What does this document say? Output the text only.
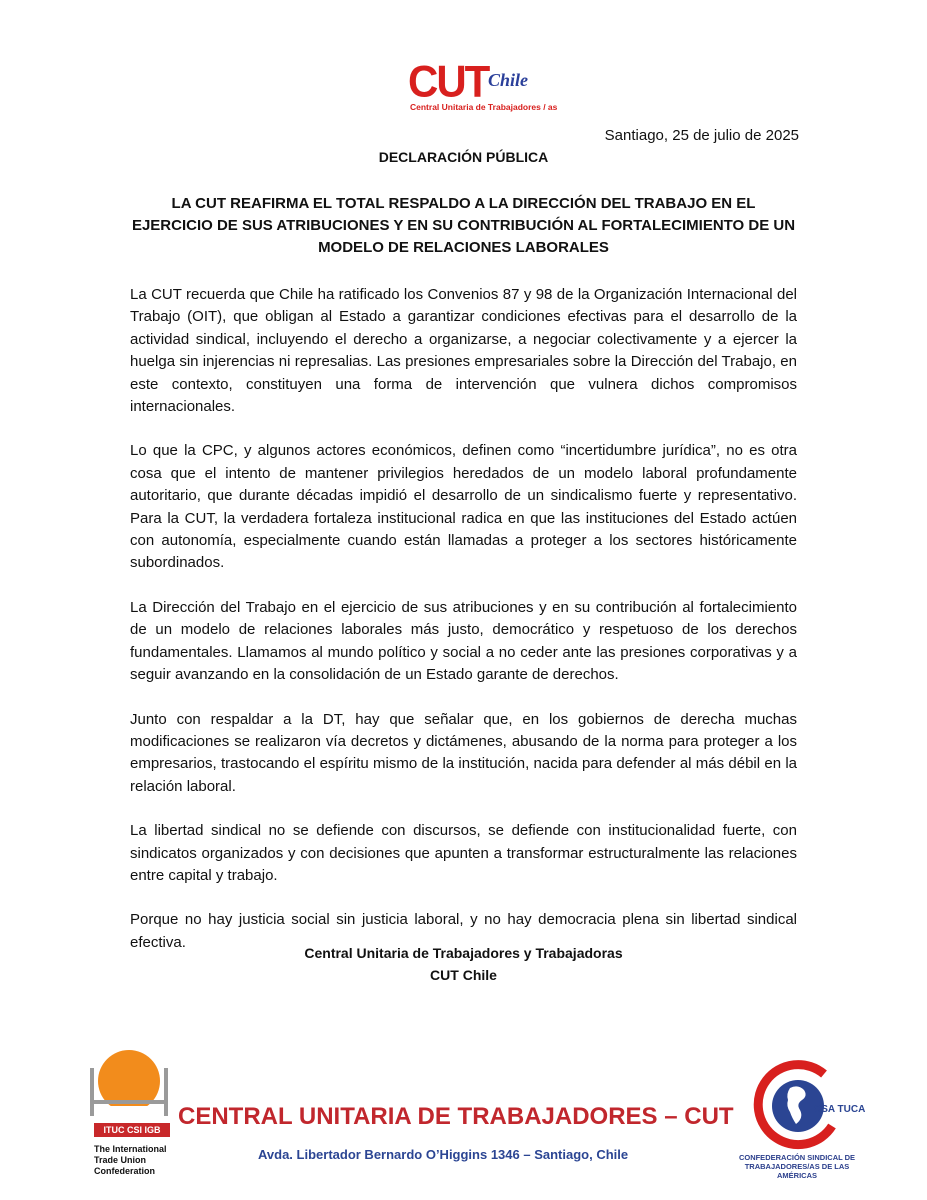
CUT Chile
Central Unitaria de Trabajadores / as
Santiago, 25 de julio de 2025
DECLARACIÓN PÚBLICA
LA CUT REAFIRMA EL TOTAL RESPALDO A LA DIRECCIÓN DEL TRABAJO EN EL EJERCICIO DE SUS ATRIBUCIONES Y EN SU CONTRIBUCIÓN AL FORTALECIMIENTO DE UN MODELO DE RELACIONES LABORALES

La CUT recuerda que Chile ha ratificado los Convenios 87 y 98 de la Organización Internacional del Trabajo (OIT), que obligan al Estado a garantizar condiciones efectivas para el desarrollo de la actividad sindical, incluyendo el derecho a organizarse, a negociar colectivamente y a ejercer la huelga sin injerencias ni represalias. Las presiones empresariales sobre la Dirección del Trabajo, en este contexto, constituyen una forma de intervención que vulnera dichos compromisos internacionales.

Lo que la CPC, y algunos actores económicos, definen como “incertidumbre jurídica”, no es otra cosa que el intento de mantener privilegios heredados de un modelo laboral profundamente autoritario, que durante décadas impidió el desarrollo de un sindicalismo fuerte y representativo. Para la CUT, la verdadera fortaleza institucional radica en que las instituciones del Estado actúen con autonomía, especialmente cuando están llamadas a proteger a los sectores históricamente subordinados.

La Dirección del Trabajo en el ejercicio de sus atribuciones y en su contribución al fortalecimiento de un modelo de relaciones laborales más justo, democrático y respetuoso de los derechos fundamentales. Llamamos al mundo político y social a no ceder ante las presiones corporativas y a seguir avanzando en la consolidación de un Estado garante de derechos.

Junto con respaldar a la DT, hay que señalar que, en los gobiernos de derecha muchas modificaciones se realizaron vía decretos y dictámenes, abusando de la norma para proteger a los empresarios, trastocando el espíritu mismo de la institución, nacida para defender al más débil en la relación laboral.

La libertad sindical no se defiende con discursos, se defiende con institucionalidad fuerte, con sindicatos organizados y con decisiones que apunten a transformar estructuralmente las relaciones entre capital y trabajo.

Porque no hay justicia social sin justicia laboral, y no hay democracia plena sin libertad sindical efectiva.

Central Unitaria de Trabajadores y Trabajadoras
CUT Chile
ITUC CSI IGB
The International
Trade Union
Confederation
CENTRAL UNITARIA DE TRABAJADORES – CUT
Avda. Libertador Bernardo O’Higgins 1346 – Santiago, Chile
CSA TUCA
CONFEDERACIÓN SINDICAL DE
TRABAJADORES/AS DE LAS AMÉRICAS
